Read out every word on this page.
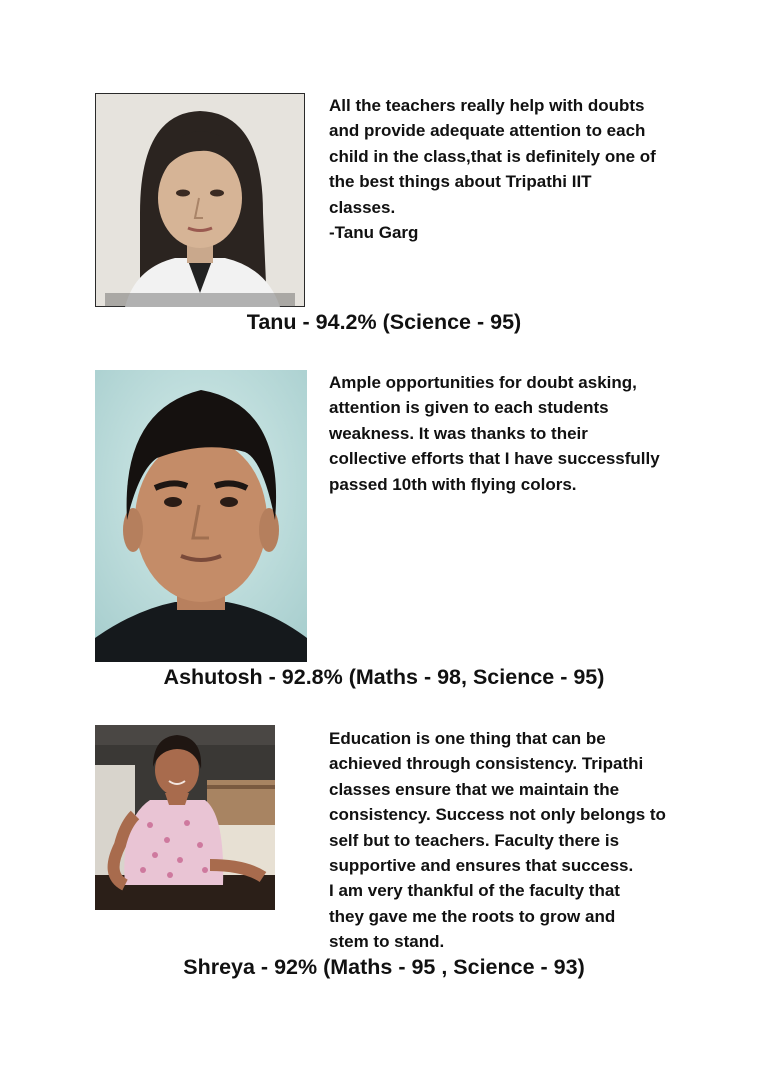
All the teachers really help with doubts
and provide adequate attention to each
child in the class,that is definitely one of
the best things about Tripathi IIT
classes.

-Tanu Garg

Tanu - 94.2% (Science - 95)

Ample opportunities for doubt asking,
attention is given to each students
weakness. It was thanks to their
collective efforts that I have successfully
passed 10th with flying colors.

Ashutosh - 92.8% (Maths - 98, Science - 95)

Education is one thing that can be
achieved through consistency. Tripathi
classes ensure that we maintain the
consistency. Success not only belongs to
self but to teachers. Faculty there is
supportive and ensures that success.
I am very thankful of the faculty that
they gave me the roots to grow and
stem to stand.

Shreya - 92% (Maths - 95 , Science - 93)
